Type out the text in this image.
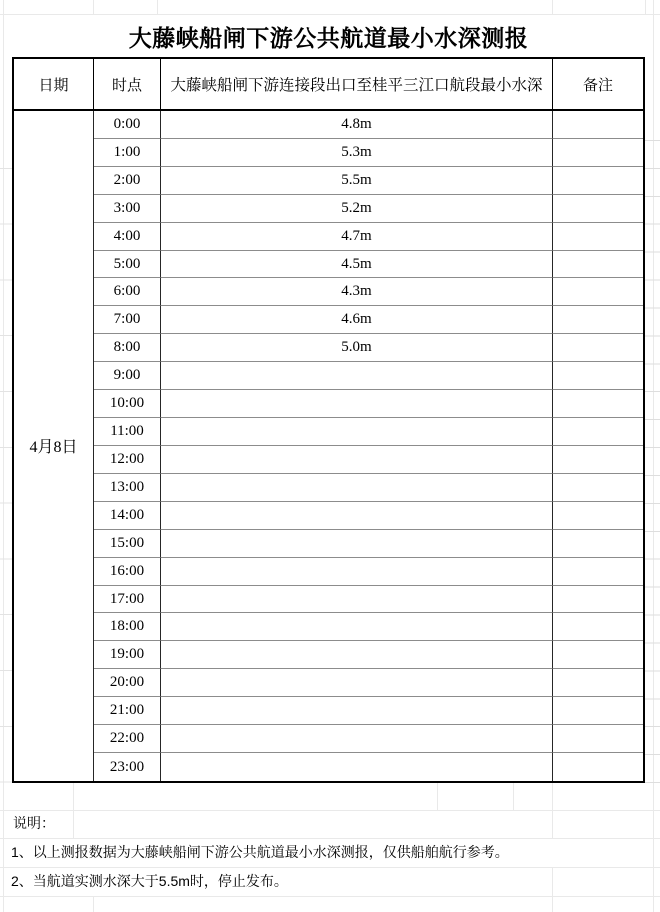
大藤峡船闸下游公共航道最小水深测报
日期	时点	大藤峡船闸下游连接段出口至桂平三江口航段最小水深	备注
4月8日
0:00	4.8m
1:00	5.3m
2:00	5.5m
3:00	5.2m
4:00	4.7m
5:00	4.5m
6:00	4.3m
7:00	4.6m
8:00	5.0m
9:00
10:00
11:00
12:00
13:00
14:00
15:00
16:00
17:00
18:00
19:00
20:00
21:00
22:00
23:00
说明：
1、以上测报数据为大藤峡船闸下游公共航道最小水深测报，仅供船舶航行参考。
2、当航道实测水深大于5.5m时，停止发布。
